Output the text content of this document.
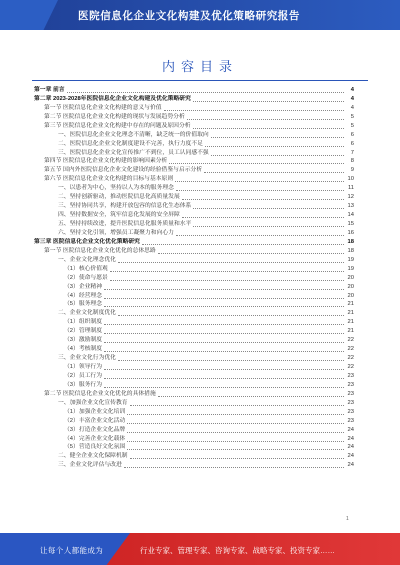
医院信息化企业文化构建及优化策略研究报告
内容目录
第一章 前言	4
第二章 2023-2028年医院信息化企业文化构建及优化策略研究	4
第一节 医院信息化企业文化构建的意义与价值	4
第二节 医院信息化企业文化构建的现状与发展趋势分析	5
第三节 医院信息化企业文化构建中存在的问题及原因分析	5
一、医院信息化企业文化理念不清晰，缺乏统一的价值取向	6
二、医院信息化企业文化制度建设不完善，执行力度不足	6
三、医院信息化企业文化宣传推广不到位，员工认同感不强	7
第四节 医院信息化企业文化构建的影响因素分析	8
第五节 国内外医院信息化企业文化建设的经验借鉴与启示分析	9
第六节 医院信息化企业文化构建的目标与基本原则	10
一、以患者为中心，坚持以人为本的服务理念	11
二、坚持创新驱动，推动医院信息化高质量发展	12
三、坚持协同共享，构建开放包容的信息化生态体系	13
四、坚持数据安全，筑牢信息化发展的安全屏障	14
五、坚持持续改进，提升医院信息化服务质量和水平	15
六、坚持文化引领，增强员工凝聚力和向心力	16
第三章 医院信息化企业文化优化策略研究	18
第一节 医院信息化企业文化优化的总体思路	18
一、企业文化理念优化	19
（1）核心价值观	19
（2）使命与愿景	20
（3）企业精神	20
（4）经营理念	20
（5）服务理念	21
二、企业文化制度优化	21
（1）组织制度	21
（2）管理制度	21
（3）激励制度	22
（4）考核制度	22
三、企业文化行为优化	22
（1）领导行为	22
（2）员工行为	23
（3）服务行为	23
第二节 医院信息化企业文化优化的具体措施	23
一、加强企业文化宣传教育	23
（1）加强企业文化培训	23
（2）丰富企业文化活动	23
（3）打造企业文化品牌	24
（4）完善企业文化载体	24
（5）营造良好文化氛围	24
二、健全企业文化保障机制	24
三、企业文化评估与改进	24
1
让每个人都能成为	行业专家、管理专家、咨询专家、战略专家、投资专家……
